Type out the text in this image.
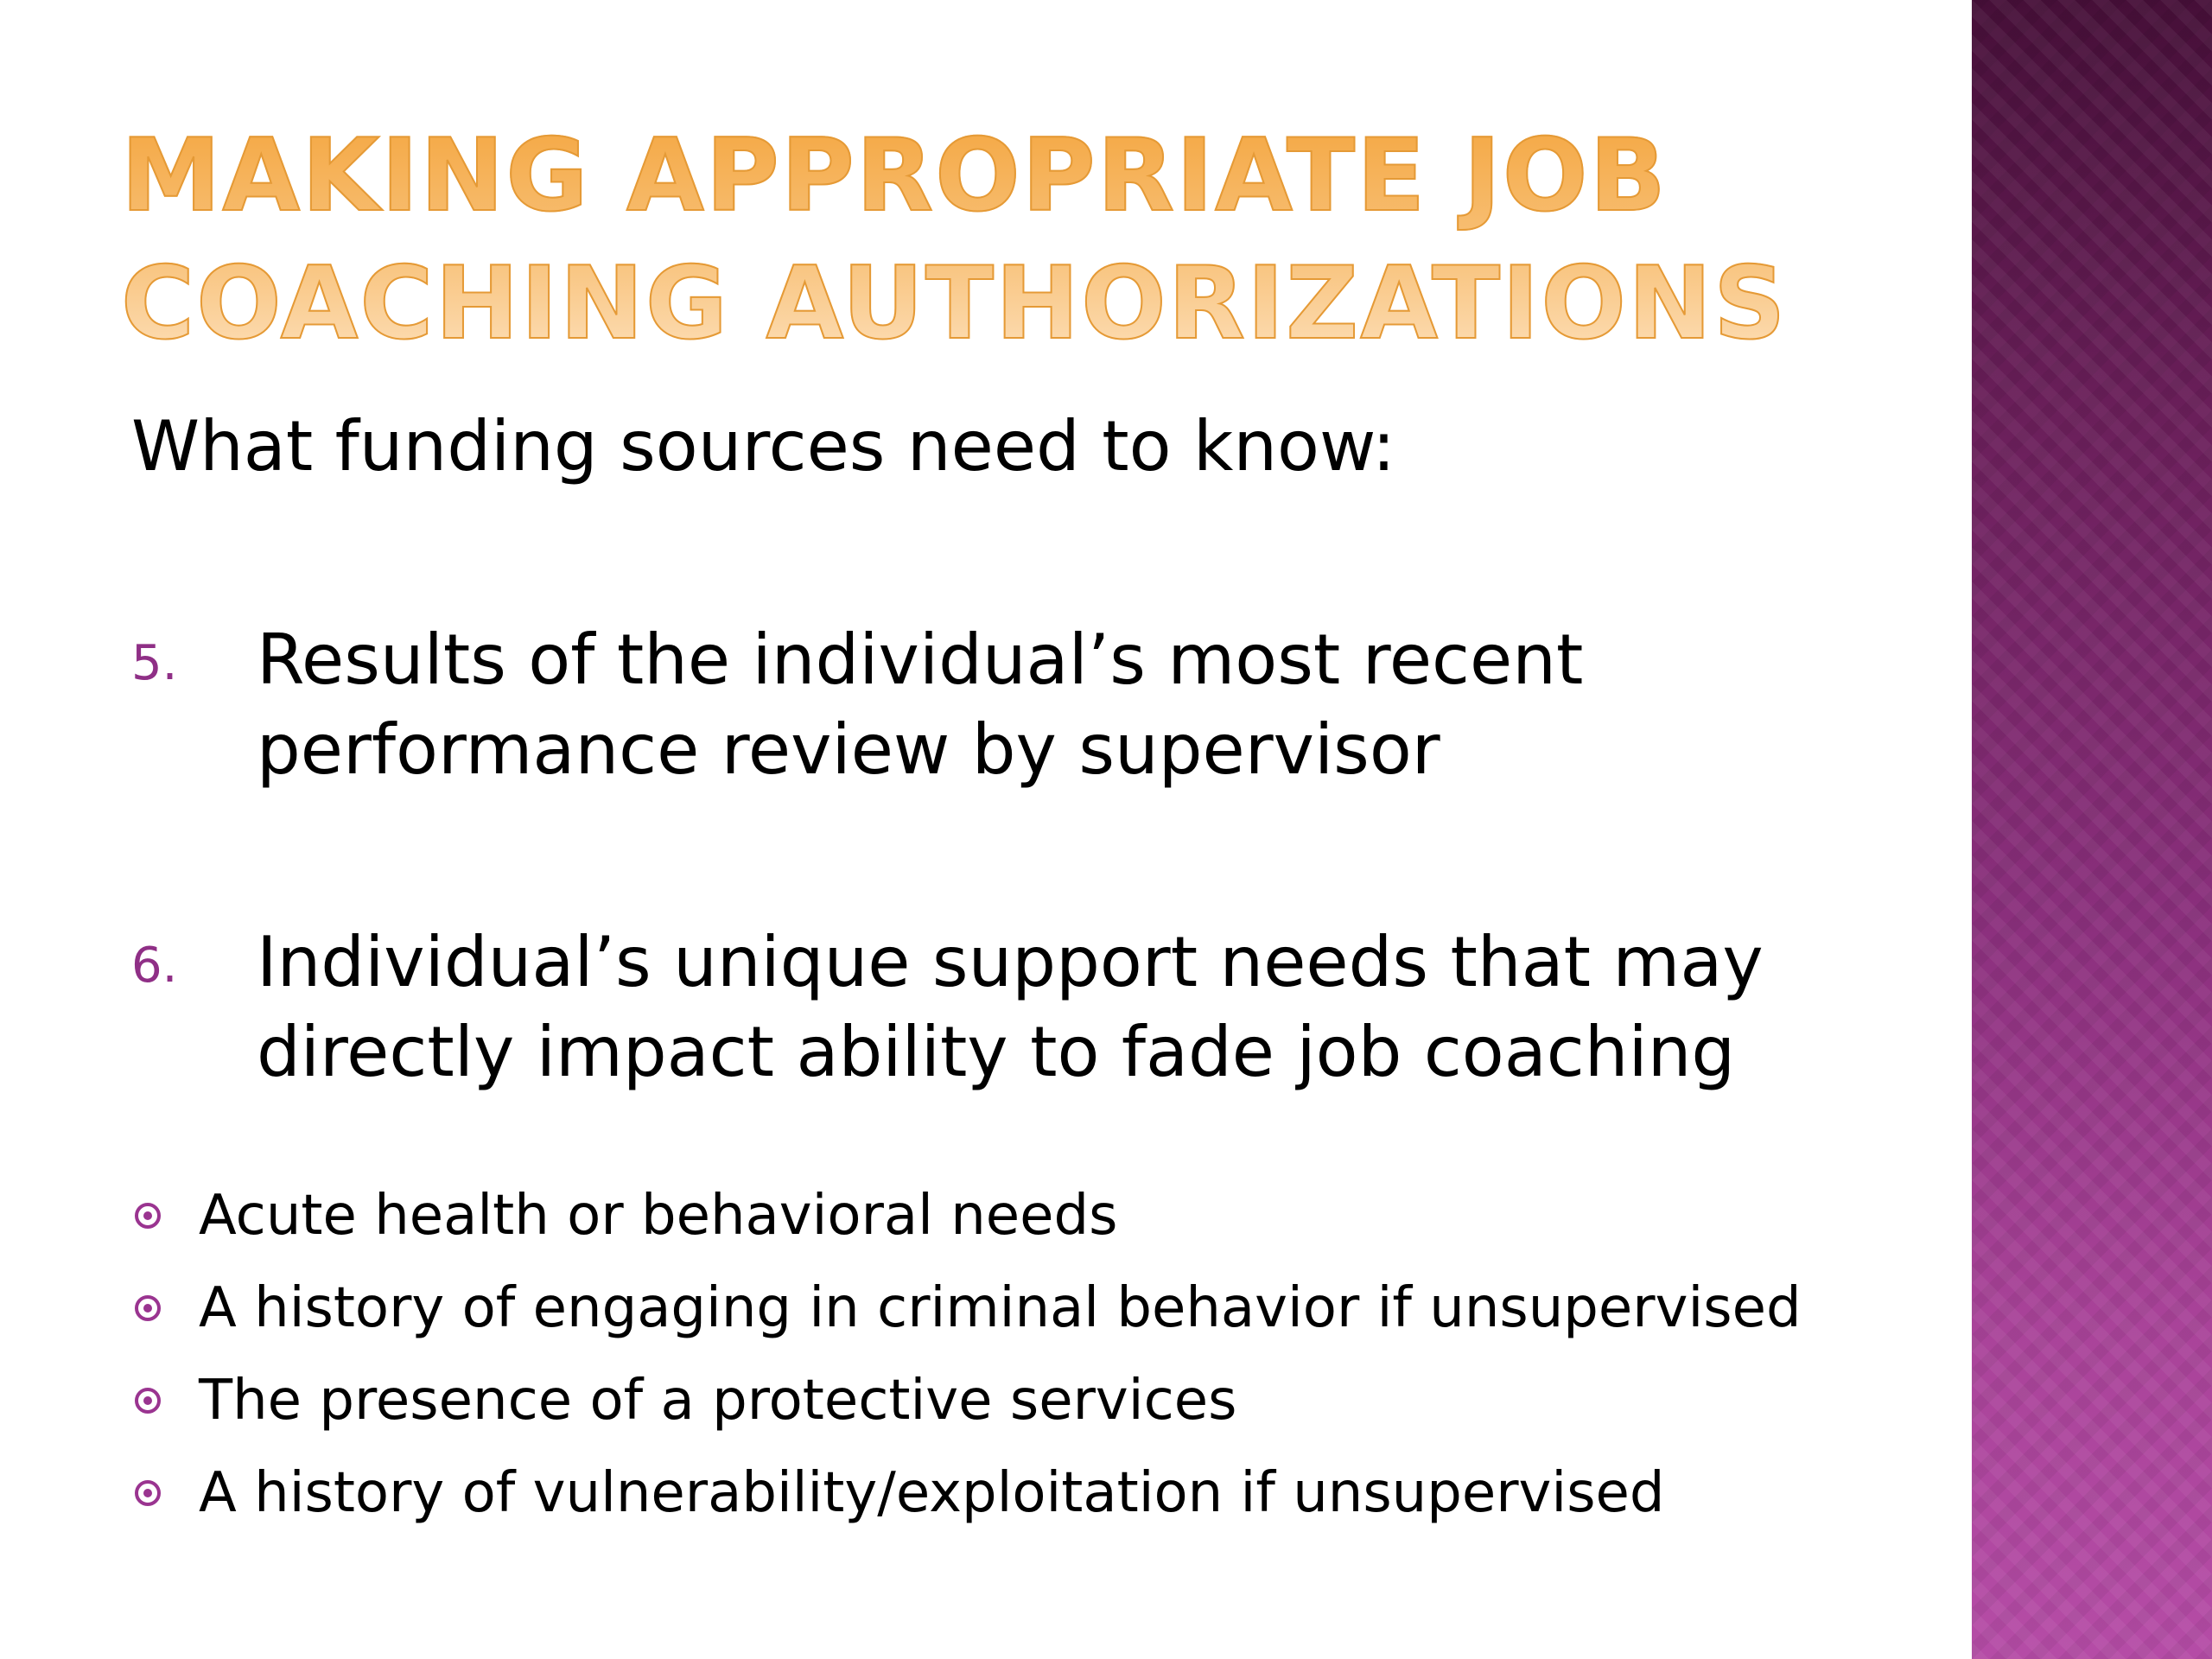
MAKING APPROPRIATE JOB
COACHING AUTHORIZATIONS

What funding sources need to know:

5. Results of the individual’s most recent
performance review by supervisor
6. Individual’s unique support needs that may
directly impact ability to fade job coaching
Acute health or behavioral needs
A history of engaging in criminal behavior if unsupervised
The presence of a protective services
A history of vulnerability/exploitation if unsupervised
